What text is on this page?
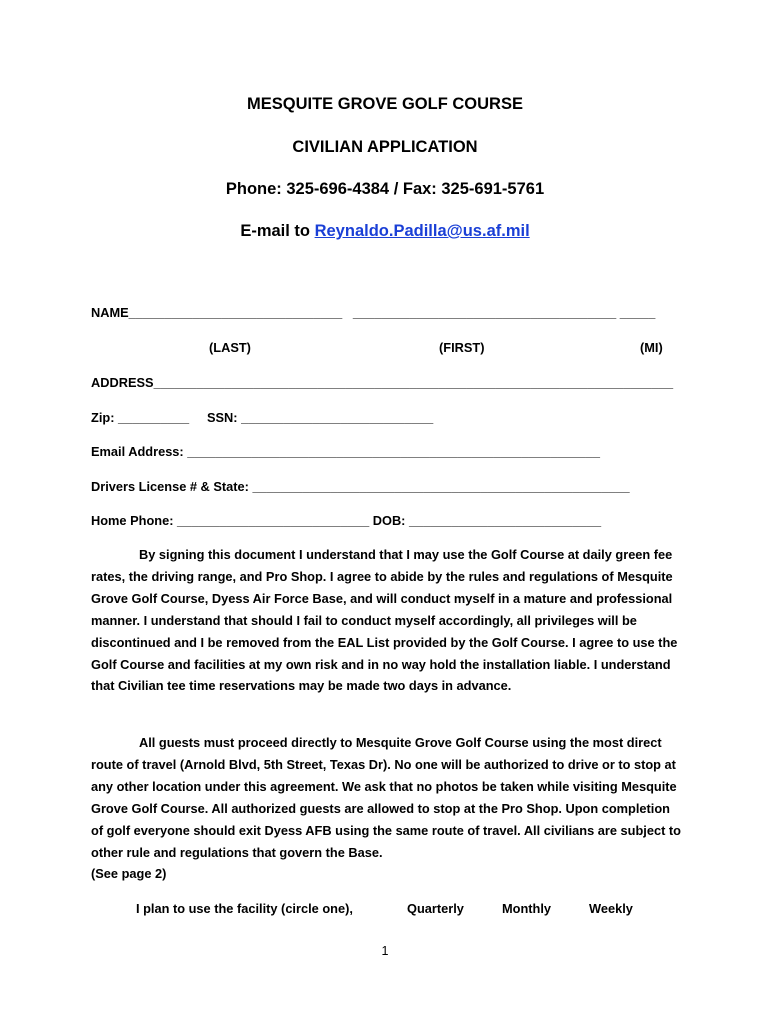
MESQUITE GROVE GOLF COURSE
CIVILIAN APPLICATION
Phone: 325-696-4384 / Fax: 325-691-5761
E-mail to Reynaldo.Padilla@us.af.mil
NAME______________________________   _____________________________________ _____
(LAST)	(FIRST)	(MI)
ADDRESS_________________________________________________________________________
Zip: __________     SSN: ___________________________
Email Address: __________________________________________________________
Drivers License # & State: _____________________________________________________
Home Phone: ___________________________ DOB: ___________________________
By signing this document I understand that I may use the Golf Course at daily green fee rates, the driving range, and Pro Shop. I agree to abide by the rules and regulations of Mesquite Grove Golf Course, Dyess Air Force Base, and will conduct myself in a mature and professional manner. I understand that should I fail to conduct myself accordingly, all privileges will be discontinued and I be removed from the EAL List provided by the Golf Course. I agree to use the Golf Course and facilities at my own risk and in no way hold the installation liable. I understand that Civilian tee time reservations may be made two days in advance.
All guests must proceed directly to Mesquite Grove Golf Course using the most direct route of travel (Arnold Blvd, 5th Street, Texas Dr). No one will be authorized to drive or to stop at any other location under this agreement. We ask that no photos be taken while visiting Mesquite Grove Golf Course. All authorized guests are allowed to stop at the Pro Shop. Upon completion of golf everyone should exit Dyess AFB using the same route of travel. All civilians are subject to other rule and regulations that govern the Base.
(See page 2)
I plan to use the facility (circle one),	Quarterly	Monthly	Weekly
1
